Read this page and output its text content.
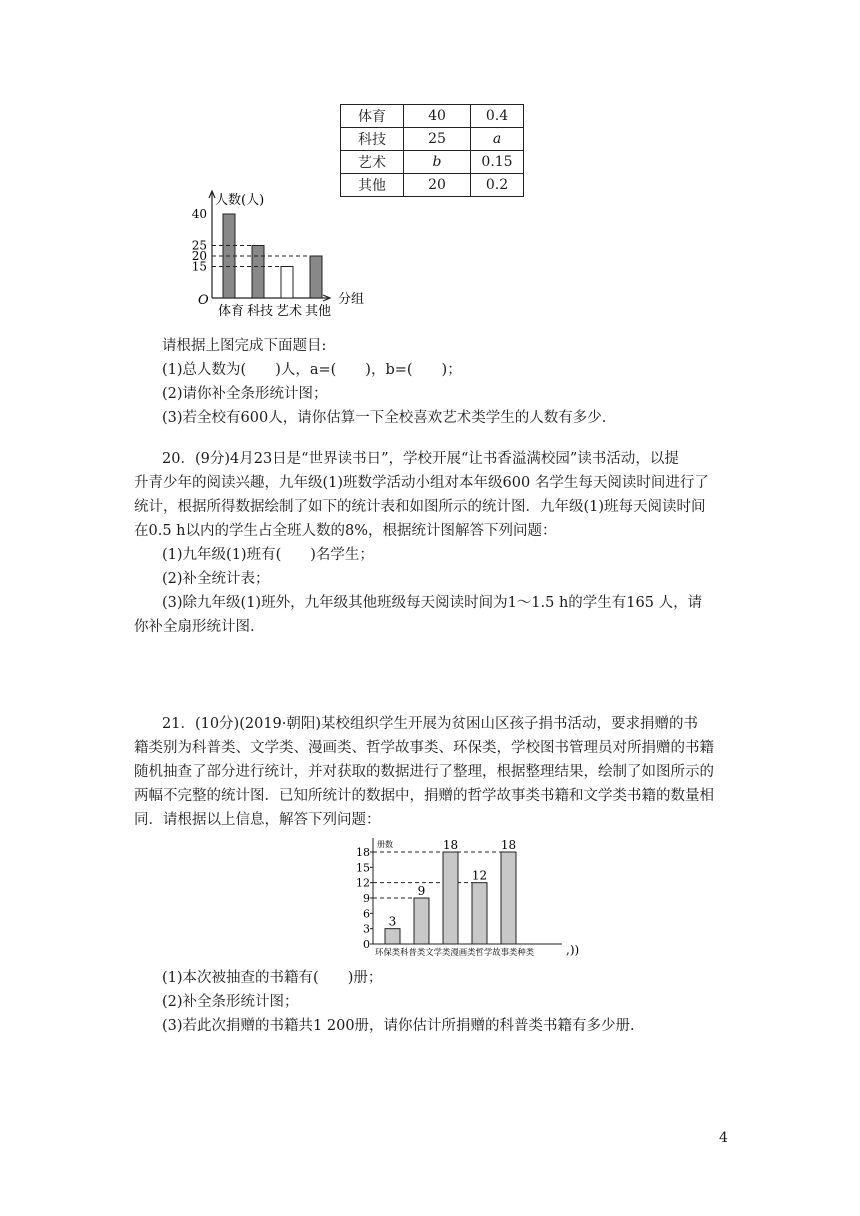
体育	40	0.4
科技	25	a
艺术	b	0.15
其他	20	0.2
人数(人)
分组
O
体育 科技 艺术 其他
15
20
25
40
请根据上图完成下面题目:
(1)总人数为(　　)人，a=(　　)，b=(　　)；
(2)请你补全条形统计图；
(3)若全校有600人，请你估算一下全校喜欢艺术类学生的人数有多少.
20．(9分)4月23日是“世界读书日”，学校开展“让书香溢满校园”读书活动，以提
升青少年的阅读兴趣，九年级(1)班数学活动小组对本年级600 名学生每天阅读时间进行了
统计，根据所得数据绘制了如下的统计表和如图所示的统计图．九年级(1)班每天阅读时间
在0.5 h以内的学生占全班人数的8%，根据统计图解答下列问题：
(1)九年级(1)班有(　　)名学生；
(2)补全统计表；
(3)除九年级(1)班外，九年级其他班级每天阅读时间为1～1.5 h的学生有165 人，请
你补全扇形统计图.
21．(10分)(2019·朝阳)某校组织学生开展为贫困山区孩子捐书活动，要求捐赠的书
籍类别为科普类、文学类、漫画类、哲学故事类、环保类，学校图书管理员对所捐赠的书籍
随机抽查了部分进行统计，并对获取的数据进行了整理，根据整理结果，绘制了如图所示的
两幅不完整的统计图．已知所统计的数据中，捐赠的哲学故事类书籍和文学类书籍的数量相
同．请根据以上信息，解答下列问题：
册数
0
3
6
9
12
15
18
3
9
18
12
18
环保类科普类文学类漫画类哲学故事类种类	,))
(1)本次被抽查的书籍有(　　)册；
(2)补全条形统计图；
(3)若此次捐赠的书籍共1 200册，请你估计所捐赠的科普类书籍有多少册.
4
